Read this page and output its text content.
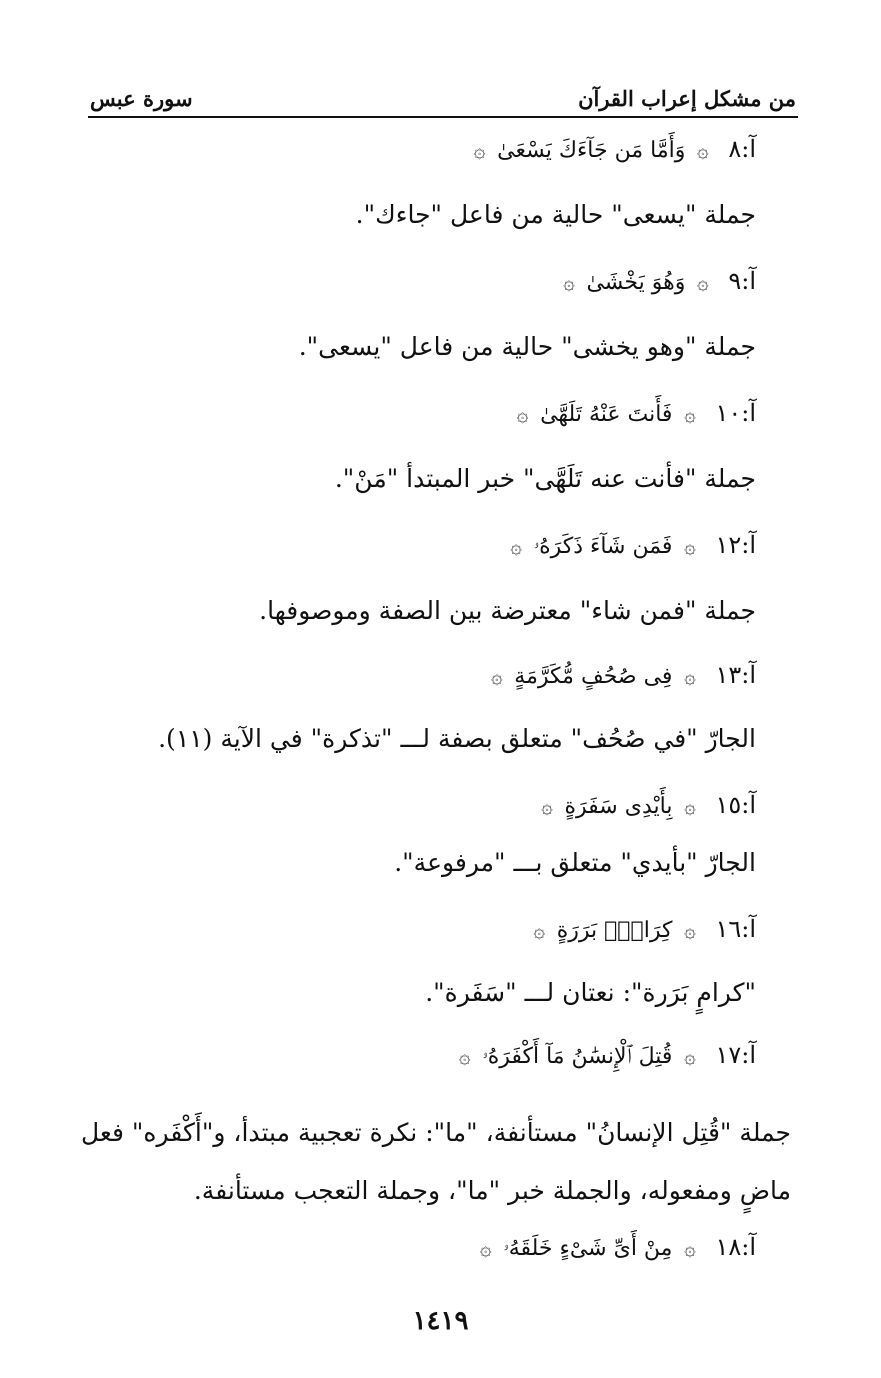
من مشكل إعراب القرآن
سورة عبس
آ:٨ ۞ وَأَمَّا مَن جَآءَكَ يَسْعَىٰ ۞
جملة "يسعى" حالية من فاعل "جاءك".
آ:٩ ۞ وَهُوَ يَخْشَىٰ ۞
جملة "وهو يخشى" حالية من فاعل "يسعى".
آ:١٠ ۞ فَأَنتَ عَنْهُ تَلَهَّىٰ ۞
جملة "فأنت عنه تَلَهَّى" خبر المبتدأ "مَنْ".
آ:١٢ ۞ فَمَن شَآءَ ذَكَرَهُۥ ۞
جملة "فمن شاء" معترضة بين الصفة وموصوفها.
آ:١٣ ۞ فِى صُحُفٍ مُّكَرَّمَةٍ ۞
الجارّ "في صُحُف" متعلق بصفة لـــ "تذكرة" في الآية (١١).
آ:١٥ ۞ بِأَيْدِى سَفَرَةٍ ۞
الجارّ "بأيدي" متعلق بـــ "مرفوعة".
آ:١٦ ۞ كِرَامٍۭ بَرَرَةٍ ۞
"كرامٍ بَرَرة": نعتان لـــ "سَفَرة".
آ:١٧ ۞ قُتِلَ ٱلْإِنسَٰنُ مَآ أَكْفَرَهُۥ ۞
جملة "قُتِل الإنسانُ" مستأنفة، "ما": نكرة تعجبية مبتدأ، و"أَكْفَره" فعل ماضٍ ومفعوله، والجملة خبر "ما"، وجملة التعجب مستأنفة.
آ:١٨ ۞ مِنْ أَىِّ شَىْءٍ خَلَقَهُۥ ۞
١٤١٩
